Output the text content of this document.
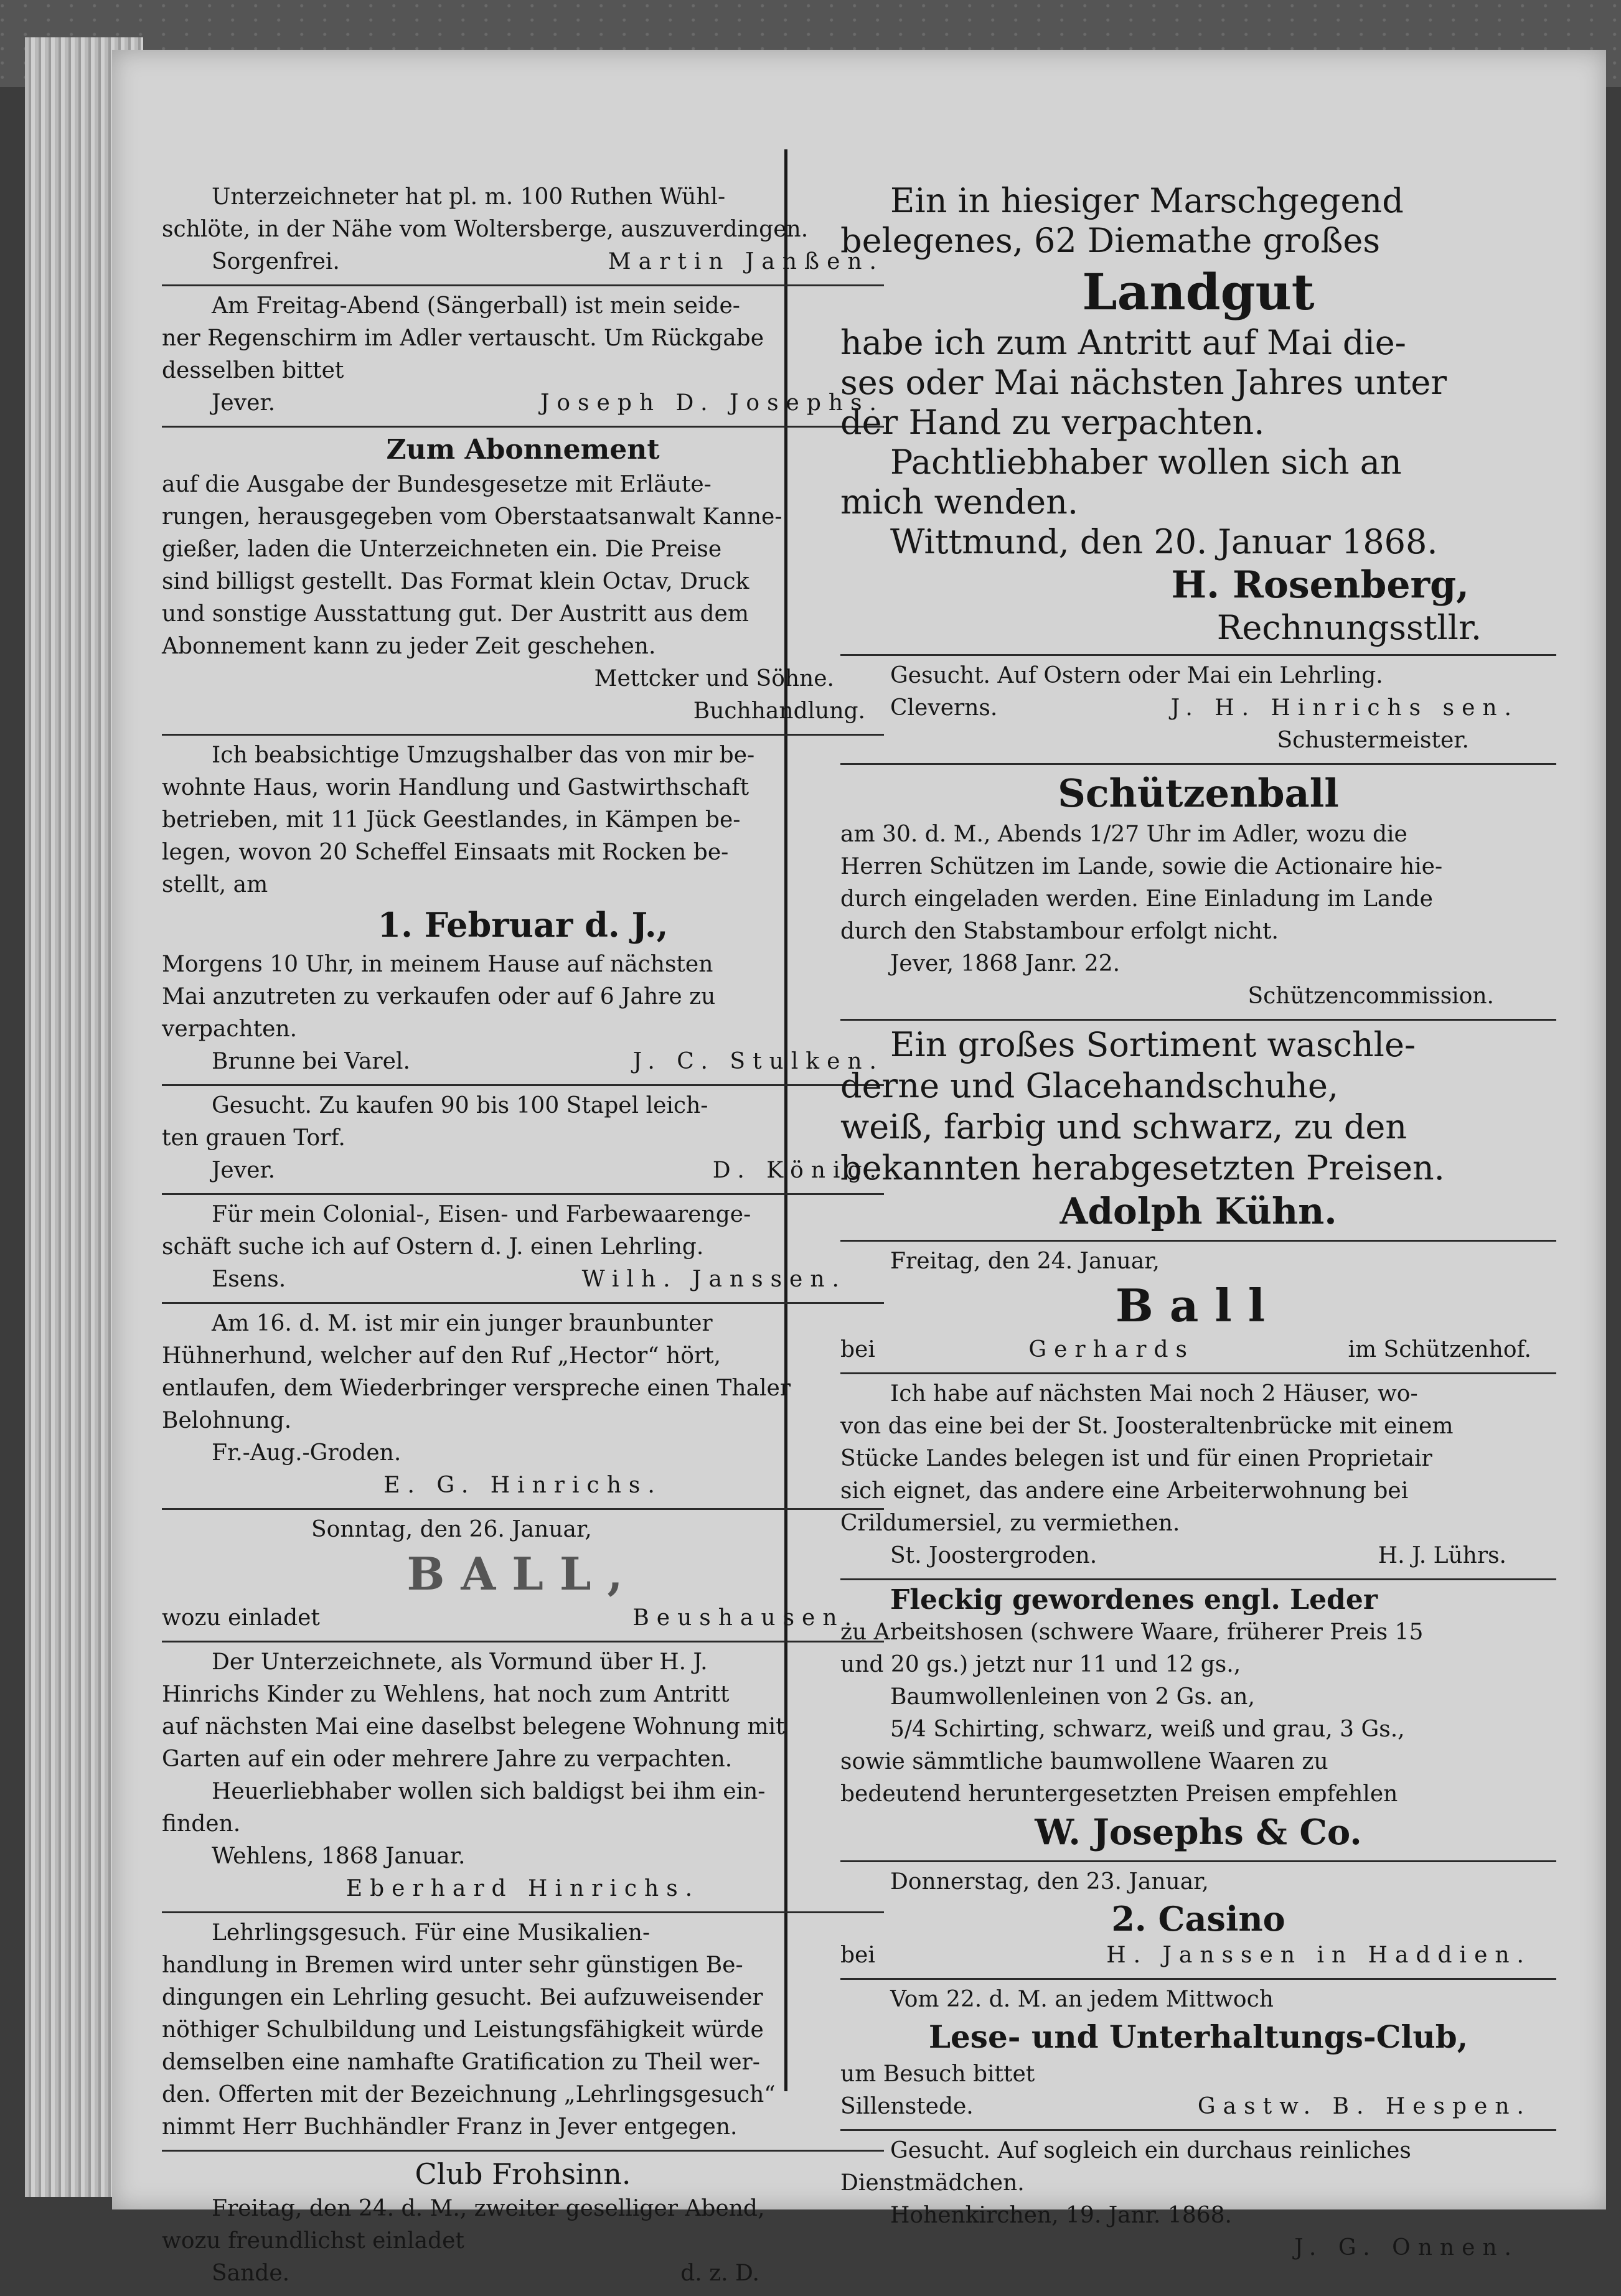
Unterzeichneter hat pl. m. 100 Ruthen Wühl-

schlöte, in der Nähe vom Woltersberge, auszuverdingen.

Sorgenfrei.	Martin Janßen.

Am Freitag-Abend (Sängerball) ist mein seide-

ner Regenschirm im Adler vertauscht. Um Rückgabe

desselben bittet

Jever.	Joseph D. Josephs.
Zum Abonnement

auf die Ausgabe der Bundesgesetze mit Erläute-

rungen, herausgegeben vom Oberstaatsanwalt Kanne-

gießer, laden die Unterzeichneten ein. Die Preise

sind billigst gestellt. Das Format klein Octav, Druck

und sonstige Ausstattung gut. Der Austritt aus dem

Abonnement kann zu jeder Zeit geschehen.

Mettcker und Söhne.

Buchhandlung.

Ich beabsichtige Umzugshalber das von mir be-

wohnte Haus, worin Handlung und Gastwirthschaft

betrieben, mit 11 Jück Geestlandes, in Kämpen be-

legen, wovon 20 Scheffel Einsaats mit Rocken be-

stellt, am

1. Februar d. J.,

Morgens 10 Uhr, in meinem Hause auf nächsten

Mai anzutreten zu verkaufen oder auf 6 Jahre zu

verpachten.

Brunne bei Varel.	J. C. Stulken.

Gesucht. Zu kaufen 90 bis 100 Stapel leich-

ten grauen Torf.

Jever.	D. König.

Für mein Colonial-, Eisen- und Farbewaarenge-

schäft suche ich auf Ostern d. J. einen Lehrling.

Esens.	Wilh. Janssen.

Am 16. d. M. ist mir ein junger braunbunter

Hühnerhund, welcher auf den Ruf „Hector“ hört,

entlaufen, dem Wiederbringer verspreche einen Thaler

Belohnung.

Fr.-Aug.-Groden.

E. G. Hinrichs.

Sonntag, den 26. Januar,

BALL,
wozu einladet	Beushausen.

Der Unterzeichnete, als Vormund über H. J.

Hinrichs Kinder zu Wehlens, hat noch zum Antritt

auf nächsten Mai eine daselbst belegene Wohnung mit

Garten auf ein oder mehrere Jahre zu verpachten.

Heuerliebhaber wollen sich baldigst bei ihm ein-

finden.

Wehlens, 1868 Januar.

Eberhard Hinrichs.

Lehrlingsgesuch. Für eine Musikalien-

handlung in Bremen wird unter sehr günstigen Be-

dingungen ein Lehrling gesucht. Bei aufzuweisender

nöthiger Schulbildung und Leistungsfähigkeit würde

demselben eine namhafte Gratification zu Theil wer-

den. Offerten mit der Bezeichnung „Lehrlingsgesuch“

nimmt Herr Buchhändler Franz in Jever entgegen.

Club Frohsinn.

Freitag, den 24. d. M., zweiter geselliger Abend,

wozu freundlichst einladet

Sande.	d. z. D.

Ein in hiesiger Marschgegend

belegenes, 62 Diemathe großes

Landgut

habe ich zum Antritt auf Mai die-

ses oder Mai nächsten Jahres unter

der Hand zu verpachten.

Pachtliebhaber wollen sich an

mich wenden.

Wittmund, den 20. Januar 1868.

H. Rosenberg,

Rechnungsstllr.

Gesucht. Auf Ostern oder Mai ein Lehrling.

Cleverns.	J. H. Hinrichs sen.

Schustermeister.

Schützenball

am 30. d. M., Abends 1/27 Uhr im Adler, wozu die

Herren Schützen im Lande, sowie die Actionaire hie-

durch eingeladen werden. Eine Einladung im Lande

durch den Stabstambour erfolgt nicht.

Jever, 1868 Janr. 22.

Schützencommission.

Ein großes Sortiment waschle-

derne und Glacehandschuhe,

weiß, farbig und schwarz, zu den

bekannten herabgesetzten Preisen.

Adolph Kühn.

Freitag, den 24. Januar,

Ball
bei	Gerhards	im Schützenhof.

Ich habe auf nächsten Mai noch 2 Häuser, wo-

von das eine bei der St. Joosteraltenbrücke mit einem

Stücke Landes belegen ist und für einen Proprietair

sich eignet, das andere eine Arbeiterwohnung bei

Crildumersiel, zu vermiethen.

St. Joostergroden.	H. J. Lührs.

Fleckig gewordenes engl. Leder

zu Arbeitshosen (schwere Waare, früherer Preis 15

und 20 gs.) jetzt nur 11 und 12 gs.,

Baumwollenleinen von 2 Gs. an,

5/4 Schirting, schwarz, weiß und grau, 3 Gs.,

sowie sämmtliche baumwollene Waaren zu

bedeutend heruntergesetzten Preisen empfehlen

W. Josephs & Co.

Donnerstag, den 23. Januar,

2. Casino
bei	H. Janssen in Haddien.

Vom 22. d. M. an jedem Mittwoch

Lese- und Unterhaltungs-Club,

um Besuch bittet

Sillenstede.	Gastw. B. Hespen.

Gesucht. Auf sogleich ein durchaus reinliches

Dienstmädchen.

Hohenkirchen, 19. Janr. 1868.

J. G. Onnen.
